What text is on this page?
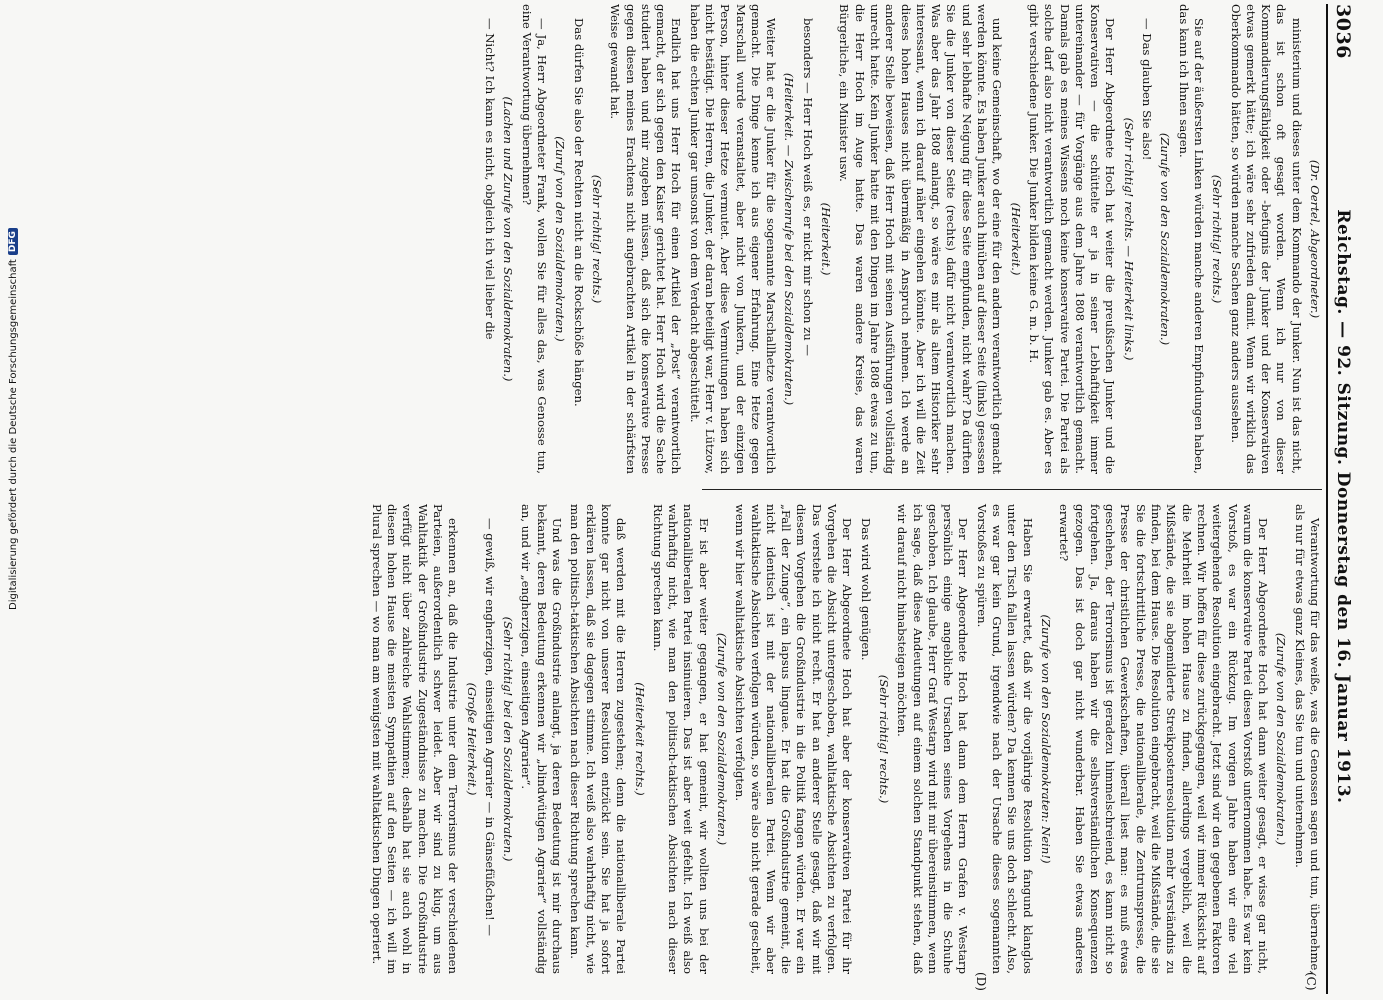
3036
Reichstag. — 92. Sitzung. Donnerstag den 16. Januar 1913.

(Dr. Oertel, Abgeordneter.)

ministerium und dieses unter dem Kommando der Junker. Nun ist das nicht, das ist schon oft gesagt worden. Wenn ich nur von dieser Kommandierungsfähigkeit oder -befugnis der Junker und der Konservativen etwas gemerkt hätte; ich wäre sehr zufrieden damit. Wenn wir wirklich das Oberkommando hätten, so würden manche Sachen ganz anders aussehen.

(Sehr richtig! rechts.)

Sie auf der äußersten Linken würden manche anderen Empfindungen haben, das kann ich Ihnen sagen.

(Zurufe von den Sozialdemokraten.)

— Das glauben Sie also!

(Sehr richtig! rechts. — Heiterkeit links.)

Der Herr Abgeordnete Hoch hat weiter die preußischen Junker und die Konservativen — die schüttelte er ja in seiner Lebhaftigkeit immer untereinander — für Vorgänge aus dem Jahre 1808 verantwortlich gemacht. Damals gab es meines Wissens noch keine konservative Partei. Die Partei als solche darf also nicht verantwortlich gemacht werden. Junker gab es. Aber es gibt verschiedene Junker. Die Junker bilden keine G. m. b. H.

(Heiterkeit.)

und keine Gemeinschaft, wo der eine für den andern verantwortlich gemacht werden könnte. Es haben Junker auch hinüben auf dieser Seite (links) gesessen und sehr lebhafte Neigung für diese Seite empfunden, nicht wahr? Da dürften Sie die Junker von dieser Seite (rechts) dafür nicht verantwortlich machen. Was aber das Jahr 1808 anlangt, so wäre es mir als altem Historiker sehr interessant, wenn ich darauf näher eingehen könnte. Aber ich will die Zeit dieses hohen Hauses nicht übermäßig in Anspruch nehmen. Ich werde an anderer Stelle beweisen, daß Herr Hoch mit seinen Ausführungen vollständig unrecht hatte. Kein Junker hatte mit den Dingen im Jahre 1808 etwas zu tun, die Herr Hoch im Auge hatte. Das waren andere Kreise, das waren Bürgerliche, ein Minister usw.

(Heiterkeit.)

besonders — Herr Hoch weiß es, er nickt mir schon zu —

(Heiterkeit. — Zwischenrufe bei den Sozialdemokraten.)

Weiter hat er die Junker für die sogenannte Marschallhetze verantwortlich gemacht. Die Dinge kenne ich aus eigener Erfahrung. Eine Hetze gegen Marschall wurde veranstaltet, aber nicht von Junkern, und der einzigen Person, hinter dieser Hetze vermutet. Aber diese Vermutungen haben sich nicht bestätigt. Die Herren, die Junker, der daran beteiligt war, Herr v. Lützow, haben die echten Junker gar umsonst von dem Verdacht abgeschüttelt.

Endlich hat uns Herr Hoch für einen Artikel der „Post“ verantwortlich gemacht, der sich gegen den Kaiser gerichtet hat. Herr Hoch wird die Sache studiert haben und mir zugeben müssen, daß sich die konservative Presse gegen diesen meines Erachtens nicht angebrachten Artikel in der schärfsten Weise gewandt hat.

(Sehr richtig! rechts.)

Das dürfen Sie also der Rechten nicht an die Rockschöße hängen.

(Zuruf von den Sozialdemokraten.)

— Ja, Herr Abgeordneter Frank, wollen Sie für alles das, was Genosse tun, eine Verantwortung übernehmen?

(Lachen und Zurufe von den Sozialdemokraten.)

— Nicht? Ich kann es nicht, obgleich ich viel lieber die

Verantwortung für das weiße, was die Genossen sagen und tun, übernehme, als nur für etwas ganz Kleines, das Sie tun und unternehmen.

(Zurufe von den Sozialdemokraten.)

Der Herr Abgeordnete Hoch hat dann weiter gesagt, er wisse gar nicht, warum die konservative Partei diesen Vorstoß unternommen habe. Es war kein Vorstoß, es war ein Rückzug. Im vorigen Jahre haben wir eine viel weitergehende Resolution eingebracht. Jetzt sind wir den gegebenen Faktoren rechnen. Wir hoffen für diese zurückgegangen, weil wir immer Rücksicht auf die Mehrheit im hohen Hause zu finden, allerdings vergeblich, weil die Mißstände, die sie abgemilderte Streikpostenresolution mehr Verständnis zu finden, bei dem Hause. Die Resolution eingebracht, weil die Mißstände, die sie Sie die fortschrittliche Presse, die nationalliberale, die Zentrumspresse, die Presse der christlichen Gewerkschaften, überall liest man: es muß etwas geschehen, der Terrorismus ist geradezu himmelschreiend, es kann nicht so fortgehen. Ja, daraus haben wir die selbstverständlichen Konsequenzen gezogen. Das ist doch gar nicht wunderbar. Haben Sie etwas anderes erwartet?

(Zurufe von den Sozialdemokraten: Nein!)

Haben Sie erwartet, daß wir die vorjährige Resolution fangund klanglos unter den Tisch fallen lassen würden? Da kennen Sie uns doch schlecht. Also, es war gar kein Grund, irgendwie nach der Ursache dieses sogenannten Vorstoßes zu spüren.

Der Herr Abgeordnete Hoch hat dann dem Herrn Grafen v. Westarp persönlich einige angebliche Ursachen seines Vorgehens in die Schuhe geschoben. Ich glaube, Herr Graf Westarp wird mit mir übereinstimmen, wenn ich sage, daß diese Andeutungen auf einem solchen Standpunkt stehen, daß wir darauf nicht hinabsteigen möchten.

(Sehr richtig! rechts.)

Das wird wohl genügen.

Der Herr Abgeordnete Hoch hat aber der konservativen Partei für ihr Vorgehen die Absicht untergeschoben, wahltaktische Absichten zu verfolgen. Das verstehe ich nicht recht. Er hat an anderer Stelle gesagt, daß wir mit diesem Vorgehen die Großindustrie in die Politik fangen würden. Er war ein „Fall der Zunge“, ein lapsus linguae. Er hat die Großindustrie gemeint, die nicht identisch ist mit der nationalliberalen Partei. Wenn wir aber wahltaktische Absichten verfolgen würden, so wäre also nicht gerade gescheit, wenn wir hier wahltaktische Absichten verfolgten.

(Zurufe von den Sozialdemokraten.)

Er ist aber weiter gegangen, er hat gemeint, wir wollten uns bei der nationalliberalen Partei insinuieren. Das ist aber weit gefehlt. Ich weiß also wahrhaftig nicht, wie man den politisch-taktischen Absichten nach dieser Richtung sprechen kann.

(Heiterkeit rechts.)

daß werden mit die Herren zugestehen; denn die nationalliberale Partei konnte gar nicht von unserer Resolution entzückt sein. Sie hat ja sofort erklären lassen, daß sie dagegen stimme. Ich weiß also wahrhaftig nicht, wie man den politisch-taktischen Absichten nach dieser Richtung sprechen kann.

Und was die Großindustrie anlangt, ja deren Bedeutung ist mir durchaus bekannt, deren Bedeutung erkennen wir „blindwütigen Agrarier“ vollständig an, und wir „engherzigen, einseitigen Agrarier“.

(Sehr richtig! bei den Sozialdemokraten.)

— gewiß, wir engherzigen, einseitigen Agrarier — in Gänsefüßchen! —

(Große Heiterkeit.)

erkennen an, daß die Industrie unter dem Terrorismus der verschiedenen Parteien, außerordentlich schwer leidet. Aber wir sind zu klug, um aus Wahltaktik der Großindustrie Zugeständnisse zu machen. Die Großindustrie verfügt nicht über zahlreiche Wahlstimmen; deshalb hat sie auch wohl in diesem hohen Hause die meisten Sympathien auf den Seiten — ich will im Plural sprechen — wo man am wenigsten mit wahltaktischen Dingen operiert.

(C)
(D)
Digitalisierung gefördert durch die Deutsche Forschungsgemeinschaft
DFG
